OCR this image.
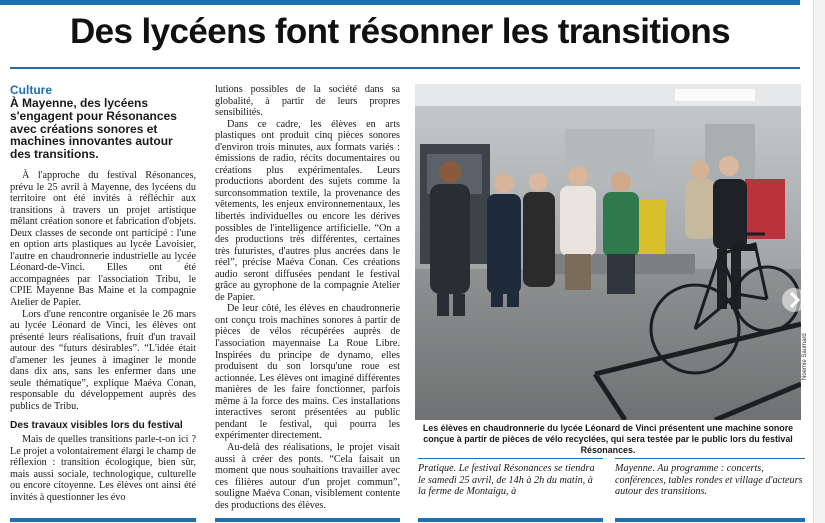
Des lycéens font résonner les transitions
Culture
À Mayenne, des lycéens s'engagent pour Résonances avec créations sonores et machines innovantes autour des transitions.

À l'approche du festival Résonances, prévu le 25 avril à Mayenne, des lycéens du territoire ont été invités à réfléchir aux transitions à travers un projet artistique mêlant création sonore et fabrication d'objets. Deux classes de seconde ont participé : l'une en option arts plastiques au lycée Lavoisier, l'autre en chaudronnerie industrielle au lycée Léonard-de-Vinci. Elles ont été accompagnées par l'association Tribu, le CPIE Mayenne Bas Maine et la compagnie Atelier de Papier.

Lors d'une rencontre organisée le 26 mars au lycée Léonard de Vinci, les élèves ont présenté leurs réalisations, fruit d'un travail autour des “futurs désirables”. “L'idée était d'amener les jeunes à imaginer le monde dans dix ans, sans les enfermer dans une seule thématique”, explique Maéva Conan, responsable du développement auprès des publics de Tribu.

Des travaux visibles lors du festival

Mais de quelles transitions parle-t-on ici ? Le projet a volontairement élargi le champ de réflexion : transition écologique, bien sûr, mais aussi sociale, technologique, culturelle ou encore citoyenne. Les élèves ont ainsi été invités à questionner les évo

lutions possibles de la société dans sa globalité, à partir de leurs propres sensibilités.

Dans ce cadre, les élèves en arts plastiques ont produit cinq pièces sonores d'environ trois minutes, aux formats variés : émissions de radio, récits documentaires ou créations plus expérimentales. Leurs productions abordent des sujets comme la surconsommation textile, la provenance des vêtements, les enjeux environnementaux, les libertés individuelles ou encore les dérives possibles de l'intelligence artificielle. “On a des productions très différentes, certaines très futuristes, d'autres plus ancrées dans le réel”, précise Maéva Conan. Ces créations audio seront diffusées pendant le festival grâce au gyrophone de la compagnie Atelier de Papier.

De leur côté, les élèves en chaudronnerie ont conçu trois machines sonores à partir de pièces de vélos récupérées auprès de l'association mayennaise La Roue Libre. Inspirées du principe de dynamo, elles produisent du son lorsqu'une roue est actionnée. Les élèves ont imaginé différentes manières de les faire fonctionner, parfois même à la force des mains. Ces installations interactives seront présentées au public pendant le festival, qui pourra les expérimenter directement.

Au-delà des réalisations, le projet visait aussi à créer des ponts. “Cela faisait un moment que nous souhaitions travailler avec ces filières autour d'un projet commun”, souligne Maéva Conan, visiblement contente des productions des élèves.

Noemie Saumard
Les élèves en chaudronnerie du lycée Léonard de Vinci présentent une machine sonore conçue à partir de pièces de vélo recyclées, qui sera testée par le public lors du festival Résonances.
Pratique. Le festival Résonances se tiendra le samedi 25 avril, de 14h à 2h du matin, à la ferme de Montaigu, à
Mayenne. Au programme : concerts, conférences, tables rondes et village d'acteurs autour des transitions.
